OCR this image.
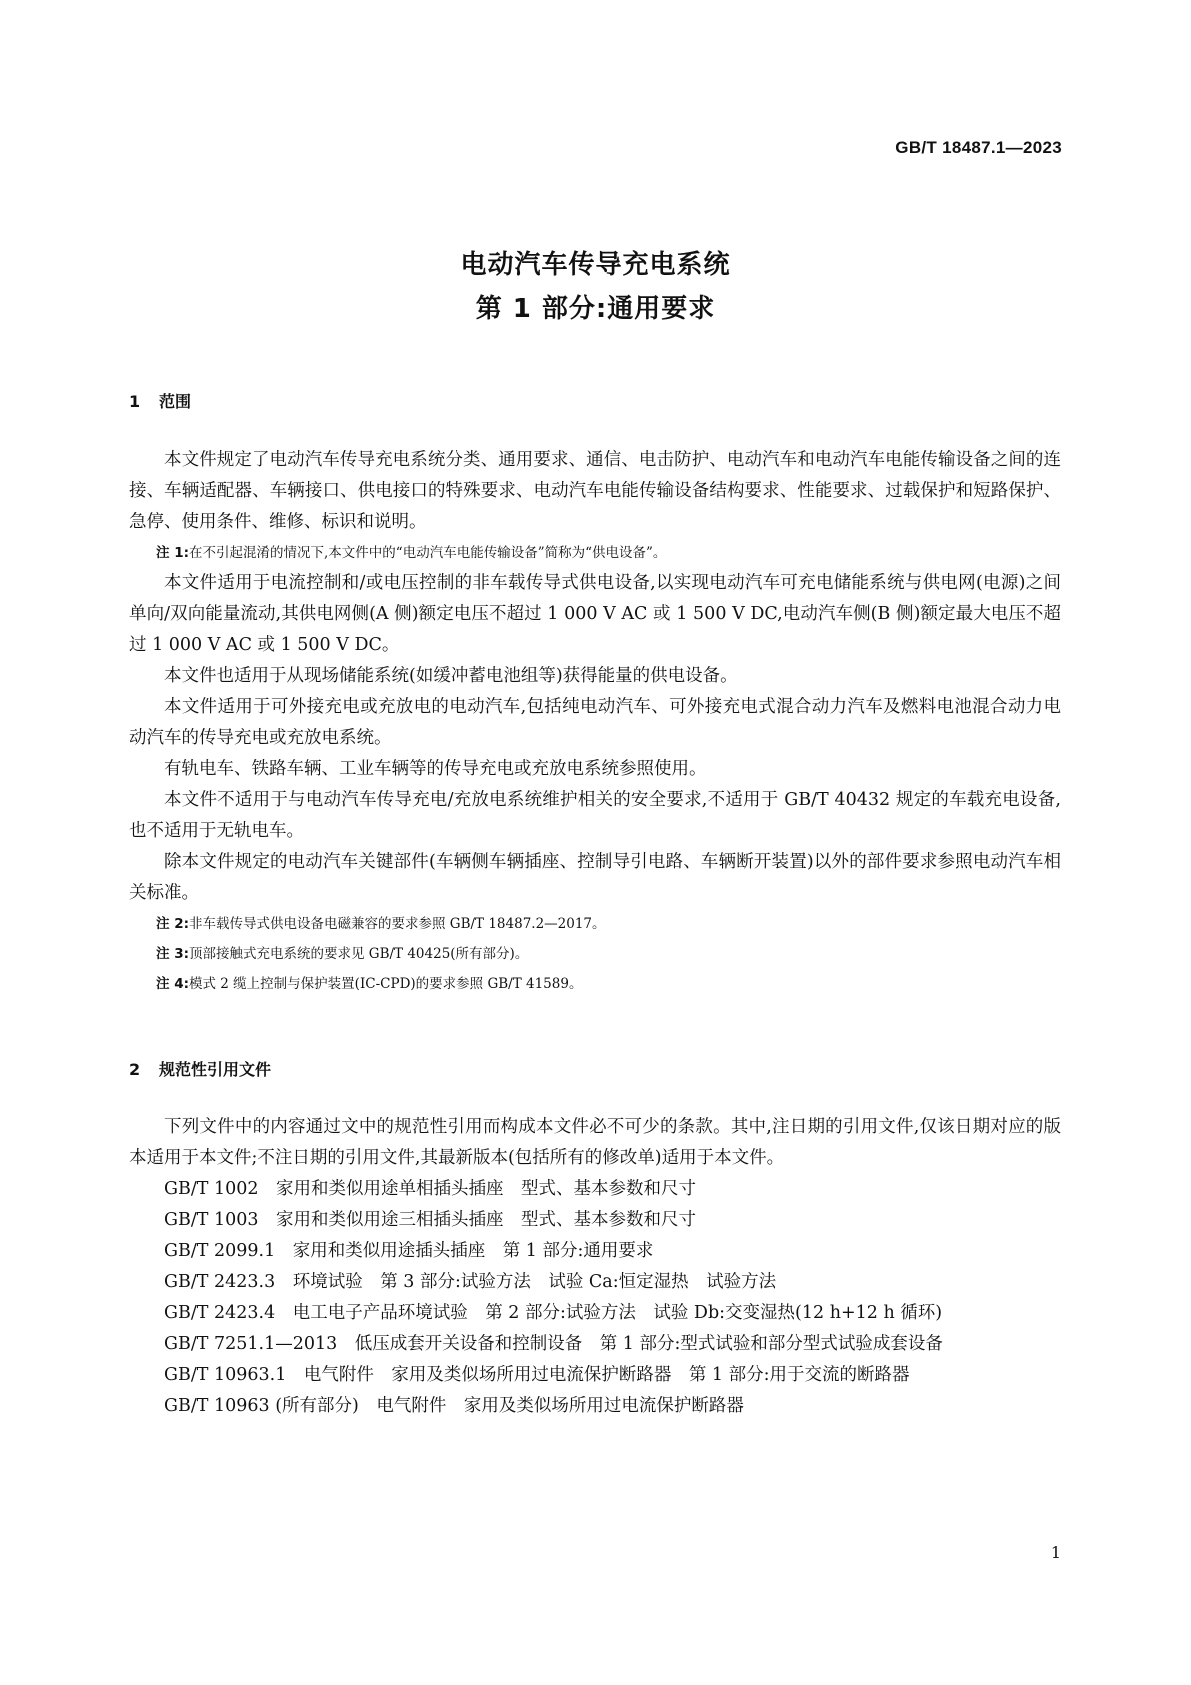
GB/T 18487.1—2023
电动汽车传导充电系统
第 1 部分:通用要求
1 范围

本文件规定了电动汽车传导充电系统分类、通用要求、通信、电击防护、电动汽车和电动汽车电能传输设备之间的连接、车辆适配器、车辆接口、供电接口的特殊要求、电动汽车电能传输设备结构要求、性能要求、过载保护和短路保护、急停、使用条件、维修、标识和说明。

注 1:在不引起混淆的情况下,本文件中的“电动汽车电能传输设备”简称为“供电设备”。

本文件适用于电流控制和/或电压控制的非车载传导式供电设备,以实现电动汽车可充电储能系统与供电网(电源)之间单向/双向能量流动,其供电网侧(A 侧)额定电压不超过 1 000 V AC 或 1 500 V DC,电动汽车侧(B 侧)额定最大电压不超过 1 000 V AC 或 1 500 V DC。

本文件也适用于从现场储能系统(如缓冲蓄电池组等)获得能量的供电设备。

本文件适用于可外接充电或充放电的电动汽车,包括纯电动汽车、可外接充电式混合动力汽车及燃料电池混合动力电动汽车的传导充电或充放电系统。

有轨电车、铁路车辆、工业车辆等的传导充电或充放电系统参照使用。

本文件不适用于与电动汽车传导充电/充放电系统维护相关的安全要求,不适用于 GB/T 40432 规定的车载充电设备,也不适用于无轨电车。

除本文件规定的电动汽车关键部件(车辆侧车辆插座、控制导引电路、车辆断开装置)以外的部件要求参照电动汽车相关标准。

注 2:非车载传导式供电设备电磁兼容的要求参照 GB/T 18487.2—2017。

注 3:顶部接触式充电系统的要求见 GB/T 40425(所有部分)。

注 4:模式 2 缆上控制与保护装置(IC-CPD)的要求参照 GB/T 41589。

2 规范性引用文件

下列文件中的内容通过文中的规范性引用而构成本文件必不可少的条款。其中,注日期的引用文件,仅该日期对应的版本适用于本文件;不注日期的引用文件,其最新版本(包括所有的修改单)适用于本文件。

GB/T 1002　家用和类似用途单相插头插座　型式、基本参数和尺寸

GB/T 1003　家用和类似用途三相插头插座　型式、基本参数和尺寸

GB/T 2099.1　家用和类似用途插头插座　第 1 部分:通用要求

GB/T 2423.3　环境试验　第 3 部分:试验方法　试验 Ca:恒定湿热　试验方法

GB/T 2423.4　电工电子产品环境试验　第 2 部分:试验方法　试验 Db:交变湿热(12 h+12 h 循环)

GB/T 7251.1—2013　低压成套开关设备和控制设备　第 1 部分:型式试验和部分型式试验成套设备

GB/T 10963.1　电气附件　家用及类似场所用过电流保护断路器　第 1 部分:用于交流的断路器

GB/T 10963 (所有部分)　电气附件　家用及类似场所用过电流保护断路器

1
